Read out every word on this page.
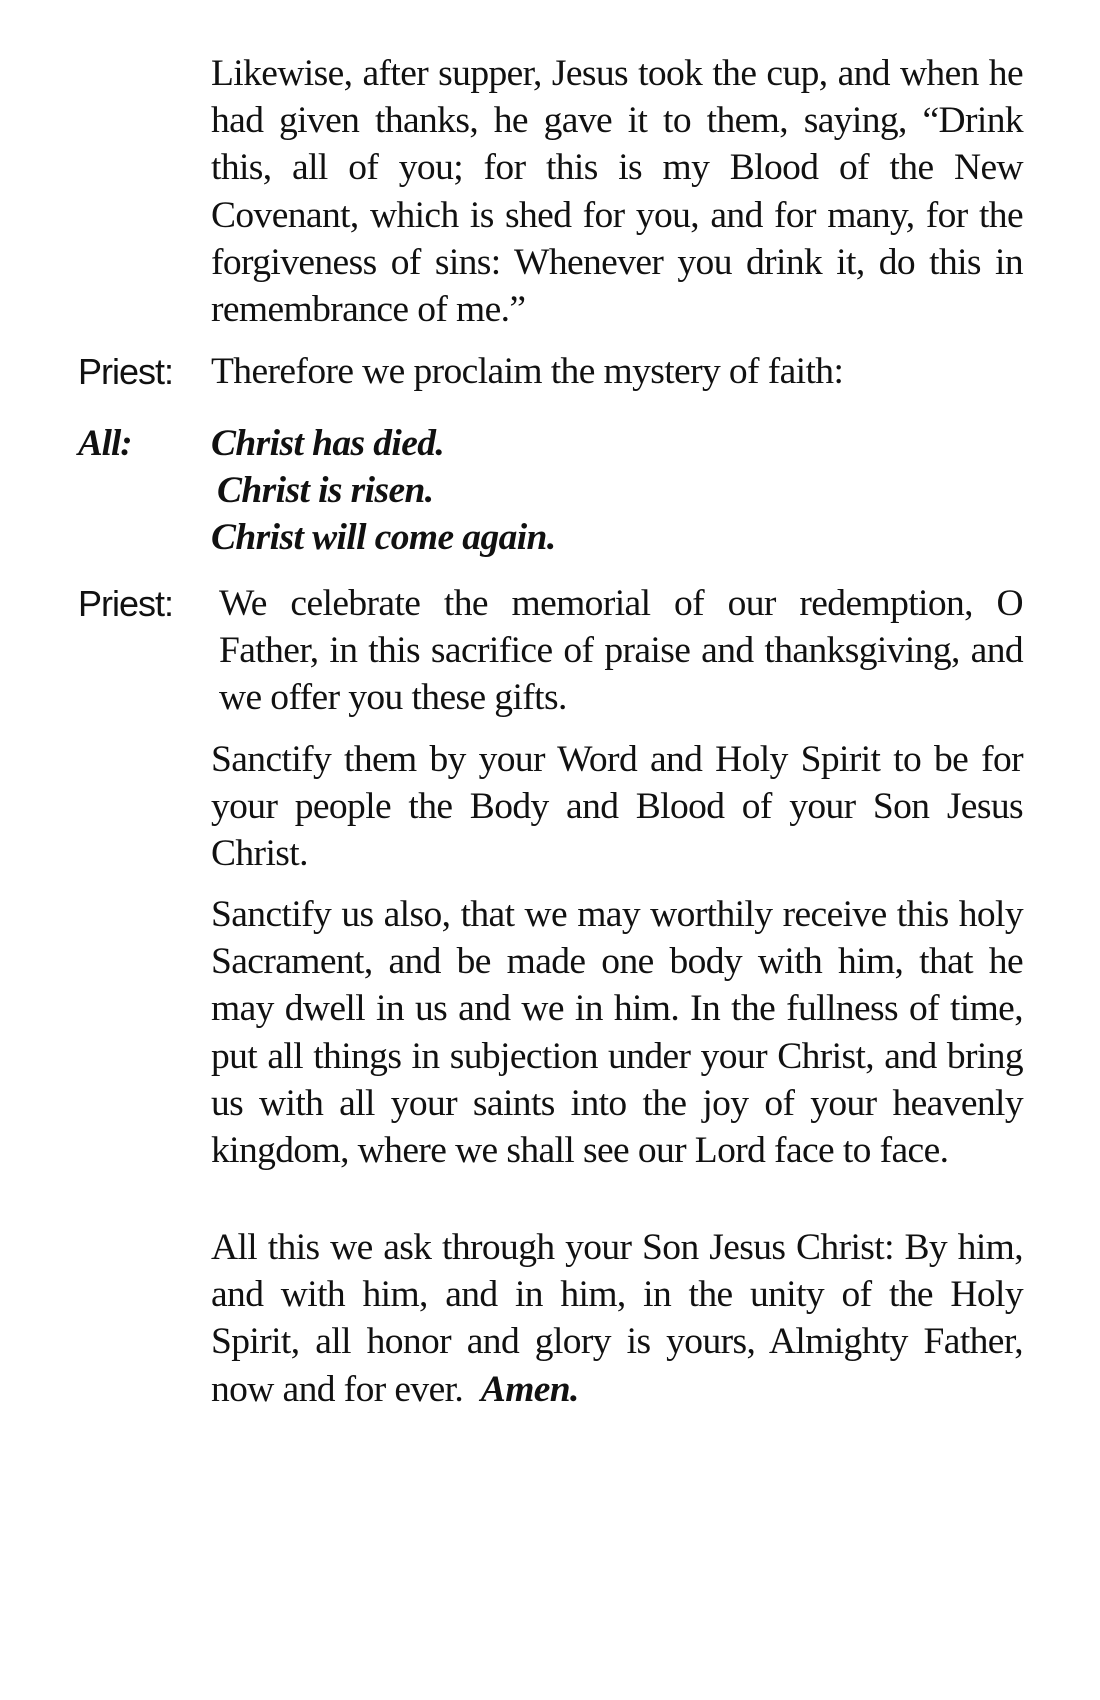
Likewise, after supper, Jesus took the cup, and when he had given thanks, he gave it to them, saying, “Drink this, all of you; for this is my Blood of the New Covenant, which is shed for you, and for many, for the forgiveness of sins: Whenever you drink it, do this in remembrance of me.”
Priest:	Therefore we proclaim the mystery of faith:
All:	Christ has died.
Christ is risen.
Christ will come again.
Priest:	We celebrate the memorial of our redemption, O Father, in this sacrifice of praise and thanksgiving, and we offer you these gifts.
Sanctify them by your Word and Holy Spirit to be for your people the Body and Blood of your Son Jesus Christ.
Sanctify us also, that we may worthily receive this holy Sacrament, and be made one body with him, that he may dwell in us and we in him. In the fullness of time, put all things in subjection under your Christ, and bring us with all your saints into the joy of your heavenly kingdom, where we shall see our Lord face to face.
All this we ask through your Son Jesus Christ: By him, and with him, and in him, in the unity of the Holy Spirit, all honor and glory is yours, Almighty Father, now and for ever. Amen.
